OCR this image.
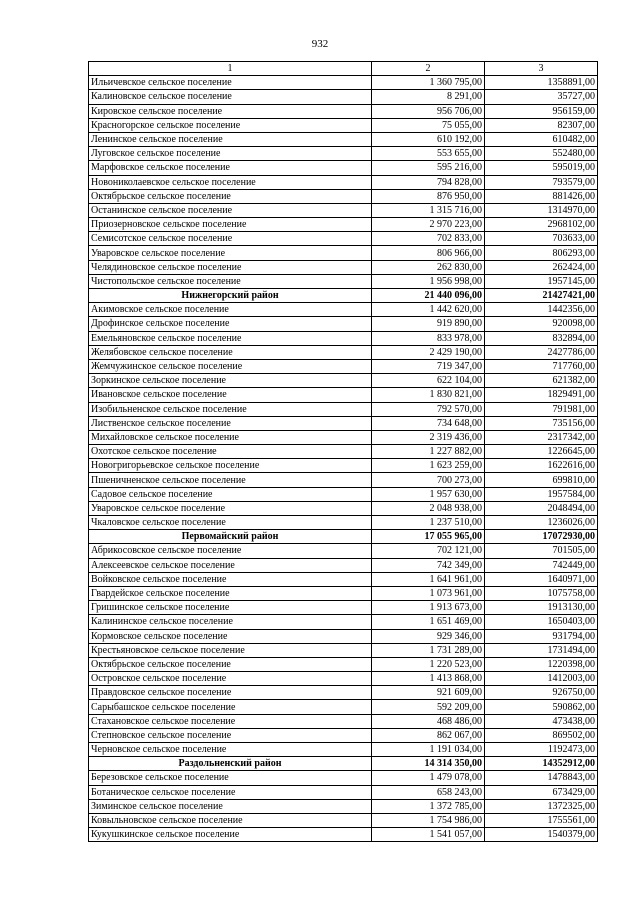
932
1	2	3
Ильичевское сельское поселение	1 360 795,00	1358891,00
Калиновское сельское поселение	8 291,00	35727,00
Кировское сельское поселение	956 706,00	956159,00
Красногорское сельское поселение	75 055,00	82307,00
Ленинское сельское поселение	610 192,00	610482,00
Луговское сельское поселение	553 655,00	552480,00
Марфовское сельское поселение	595 216,00	595019,00
Новониколаевское сельское поселение	794 828,00	793579,00
Октябрьское сельское поселение	876 950,00	881426,00
Останинское сельское поселение	1 315 716,00	1314970,00
Приозерновское сельское поселение	2 970 223,00	2968102,00
Семисотское сельское поселение	702 833,00	703633,00
Уваровское сельское поселение	806 966,00	806293,00
Челядиновское сельское поселение	262 830,00	262424,00
Чистопольское сельское поселение	1 956 998,00	1957145,00
Нижнегорский район	21 440 096,00	21427421,00
Акимовское сельское поселение	1 442 620,00	1442356,00
Дрофинское сельское поселение	919 890,00	920098,00
Емельяновское сельское поселение	833 978,00	832894,00
Желябовское сельское поселение	2 429 190,00	2427786,00
Жемчужинское сельское поселение	719 347,00	717760,00
Зоркинское сельское поселение	622 104,00	621382,00
Ивановское сельское поселение	1 830 821,00	1829491,00
Изобильненское сельское поселение	792 570,00	791981,00
Лиственское сельское поселение	734 648,00	735156,00
Михайловское сельское поселение	2 319 436,00	2317342,00
Охотское сельское поселение	1 227 882,00	1226645,00
Новогригорьевское сельское поселение	1 623 259,00	1622616,00
Пшеничненское сельское поселение	700 273,00	699810,00
Садовое сельское поселение	1 957 630,00	1957584,00
Уваровское сельское поселение	2 048 938,00	2048494,00
Чкаловское сельское поселение	1 237 510,00	1236026,00
Первомайский район	17 055 965,00	17072930,00
Абрикосовское сельское поселение	702 121,00	701505,00
Алексеевское сельское поселение	742 349,00	742449,00
Войковское сельское поселение	1 641 961,00	1640971,00
Гвардейское сельское поселение	1 073 961,00	1075758,00
Гришинское сельское поселение	1 913 673,00	1913130,00
Калининское сельское поселение	1 651 469,00	1650403,00
Кормовское сельское поселение	929 346,00	931794,00
Крестьяновское сельское поселение	1 731 289,00	1731494,00
Октябрьское сельское поселение	1 220 523,00	1220398,00
Островское сельское поселение	1 413 868,00	1412003,00
Правдовское сельское поселение	921 609,00	926750,00
Сарыбашское сельское поселение	592 209,00	590862,00
Стахановское сельское поселение	468 486,00	473438,00
Степновское сельское поселение	862 067,00	869502,00
Черновское сельское поселение	1 191 034,00	1192473,00
Раздольненский район	14 314 350,00	14352912,00
Березовское сельское поселение	1 479 078,00	1478843,00
Ботаническое сельское поселение	658 243,00	673429,00
Зиминское сельское поселение	1 372 785,00	1372325,00
Ковыльновское сельское поселение	1 754 986,00	1755561,00
Кукушкинское сельское поселение	1 541 057,00	1540379,00
